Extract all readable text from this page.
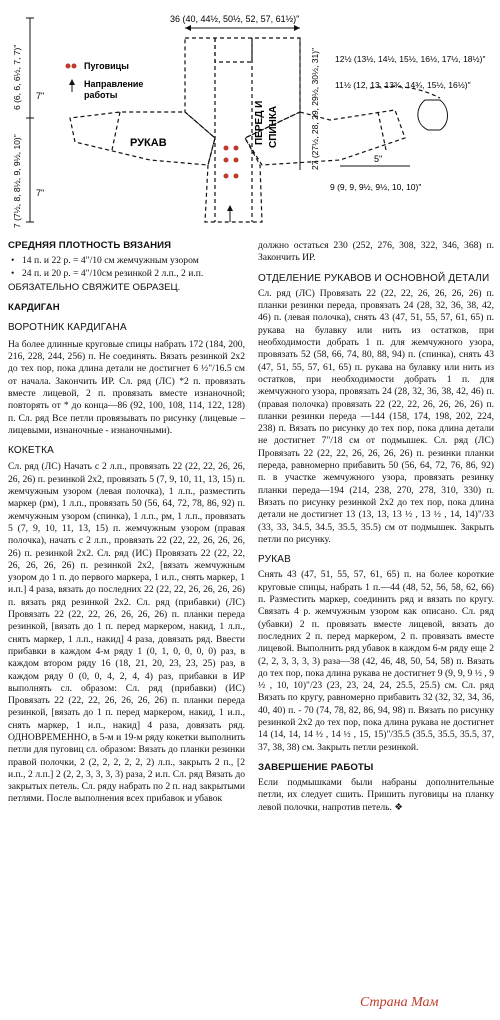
36 (40, 44½, 50½, 52, 57, 61½)"
6 (6, 6, 6½, 7, 7)" 7"
7 (7½, 8, 8½, 9, 9½, 10)" 7"
Пуговицы
Направление
работы
ПЕРЕД И СПИНКА
РУКАВ	27 (27½, 28, 29, 29½, 30½, 31)" 12½ (13½, 14½, 15½, 16½, 17½, 18½)"
11½ (12, 13, 13¾, 14¾, 15½, 16½)"
5"
9 (9, 9, 9½, 9½, 10, 10)"
СРЕДНЯЯ ПЛОТНОСТЬ ВЯЗАНИЯ
• 14 п. и 22 р. = 4"/10 см жемчужным узором
• 24 п. и 20 р. = 4"/10см резинкой 2 л.п., 2 и.п.
ОБЯЗАТЕЛЬНО СВЯЖИТЕ ОБРАЗЕЦ.
КАРДИГАН
ВОРОТНИК КАРДИГАНА
На более длинные круговые спицы набрать 172 (184, 200, 216, 228, 244, 256) п. Не соединять. Вязать резинкой 2х2 до тех пор, пока длина детали не достигнет 6 ½"/16.5 см от начала. Закончить ИР. Сл. ряд (ЛС) *2 п. провязать вместе лицевой, 2 п. провязать вместе изнаночной; повторять от * до конца—86 (92, 100, 108, 114, 122, 128) п. Сл. ряд Все петли провязывать по рисунку (лицевые – лицевыми, изнаночные - изнаночными).
КОКЕТКА
Сл. ряд (ЛС) Начать с 2 л.п., провязать 22 (22, 22, 26, 26, 26, 26) п. резинкой 2х2, провязать 5 (7, 9, 10, 11, 13, 15) п. жемчужным узором (левая полочка), 1 л.п., разместить маркер (рм), 1 л.п., провязать 50 (56, 64, 72, 78, 86, 92) п. жемчужным узором (спинка), 1 л.п., рм, 1 л.п., провязать 5 (7, 9, 10, 11, 13, 15) п. жемчужным узором (правая полочка), начать с 2 л.п., провязать 22 (22, 22, 26, 26, 26, 26) п. резинкой 2х2. Сл. ряд (ИС) Провязать 22 (22, 22, 26, 26, 26, 26) п. резинкой 2х2, [вязать жемчужным узором до 1 п. до первого маркера, 1 и.п., снять маркер, 1 и.п.] 4 раза, вязать до последних 22 (22, 22, 26, 26, 26, 26) п. вязать ряд резинкой 2х2. Сл. ряд (прибавки) (ЛС) Провязать 22 (22, 22, 26, 26, 26, 26) п. планки переда резинкой, [вязать до 1 п. перед маркером, накид, 1 л.п., снять маркер, 1 л.п., накид] 4 раза, довязать ряд. Ввести прибавки в каждом 4-м ряду 1 (0, 1, 0, 0, 0, 0) раз, в каждом втором ряду 16 (18, 21, 20, 23, 23, 25) раз, в каждом ряду 0 (0, 0, 4, 2, 4, 4) раз, прибавки в ИР выполнять сл. образом: Сл. ряд (прибавки) (ИС) Провязать 22 (22, 22, 26, 26, 26, 26) п. планки переда резинкой, [вязать до 1 п. перед маркером, накид, 1 и.п., снять маркер, 1 и.п., накид] 4 раза, довязать ряд. ОДНОВРЕМЕННО, в 5-м и 19-м ряду кокетки выполнить петли для пуговиц сл. образом: Вязать до планки резинки правой полочки, 2 (2, 2, 2, 2, 2, 2) л.п., закрыть 2 п., [2 и.п., 2 л.п.] 2 (2, 2, 3, 3, 3, 3) раза, 2 и.п. Сл. ряд Вязать до закрытых петель. Сл. ряду набрать по 2 п. над закрытыми петлями. После выполнения всех прибавок и убавок
должно остаться 230 (252, 276, 308, 322, 346, 368) п. Закончить ИР.
ОТДЕЛЕНИЕ РУКАВОВ И ОСНОВНОЙ ДЕТАЛИ
Сл. ряд (ЛС) Провязать 22 (22, 22, 26, 26, 26, 26) п. планки резинки переда, провязать 24 (28, 32, 36, 38, 42, 46) п. (левая полочка), снять 43 (47, 51, 55, 57, 61, 65) п. рукава на булавку или нить из остатков, при необходимости добрать 1 п. для жемчужного узора, провязать 52 (58, 66, 74, 80, 88, 94) п. (спинка), снять 43 (47, 51, 55, 57, 61, 65) п. рукава на булавку или нить из остатков, при необходимости добрать 1 п. для жемчужного узора, провязать 24 (28, 32, 36, 38, 42, 46) п. (правая полочка) провязать 22 (22, 22, 26, 26, 26, 26) п. планки резинки переда —144 (158, 174, 198, 202, 224, 238) п. Вязать по рисунку до тех пор, пока длина детали не достигнет 7"/18 см от подмышек. Сл. ряд (ЛС) Провязать 22 (22, 22, 26, 26, 26, 26) п. резинки планки переда, равномерно прибавить 50 (56, 64, 72, 76, 86, 92) п. в участке жемчужного узора, провязать резинку планки переда—194 (214, 238, 270, 278, 310, 330) п. Вязать по рисунку резинкой 2х2 до тех пор, пока длина детали не достигнет 13 (13, 13, 13 ½ , 13 ½ , 14, 14)"/33 (33, 33, 34.5, 34.5, 35.5, 35.5) см от подмышек. Закрыть петли по рисунку.
РУКАВ
Снять 43 (47, 51, 55, 57, 61, 65) п. на более короткие круговые спицы, набрать 1 п.—44 (48, 52, 56, 58, 62, 66) п. Разместить маркер, соединить ряд и вязать по кругу. Связать 4 р. жемчужным узором как описано. Сл. ряд (убавки) 2 п. провязать вместе лицевой, вязать до последних 2 п. перед маркером, 2 п. провязать вместе лицевой. Выполнить ряд убавок в каждом 6-м ряду еще 2 (2, 2, 3, 3, 3, 3) раза—38 (42, 46, 48, 50, 54, 58) п. Вязать до тех пор, пока длина рукава не достигнет 9 (9, 9, 9 ½ , 9 ½ , 10, 10)"/23 (23, 23, 24, 24, 25.5, 25.5) см. Сл. ряд Вязать по кругу, равномерно прибавить 32 (32, 32, 34, 36, 40, 40) п. - 70 (74, 78, 82, 86, 94, 98) п. Вязать по рисунку резинкой 2х2 до тех пор, пока длина рукава не достигнет 14 (14, 14, 14 ½ , 14 ½ , 15, 15)"/35.5 (35.5, 35.5, 35.5, 37, 37, 38, 38) см. Закрыть петли резинкой.
ЗАВЕРШЕНИЕ РАБОТЫ
Если подмышками были набраны дополнительные петли, их следует сшить. Пришить пуговицы на планку левой полочки, напротив петель. ❖
Страна Мам
